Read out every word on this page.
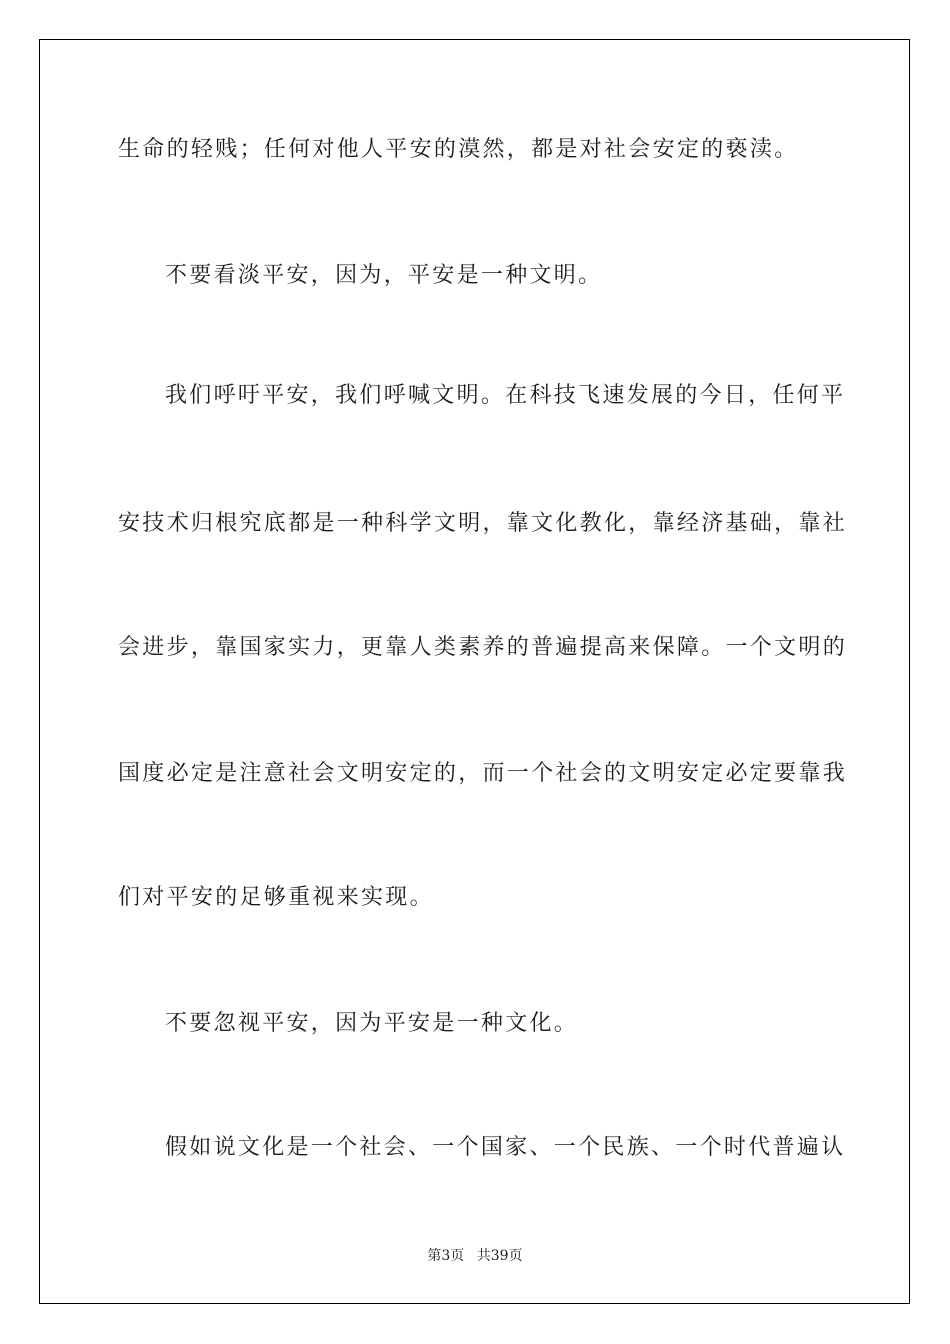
生命的轻贱；任何对他人平安的漠然，都是对社会安定的亵渎。
不要看淡平安，因为，平安是一种文明。
我们呼吁平安，我们呼喊文明。在科技飞速发展的今日，任何平
安技术归根究底都是一种科学文明，靠文化教化，靠经济基础，靠社
会进步，靠国家实力，更靠人类素养的普遍提高来保障。一个文明的
国度必定是注意社会文明安定的，而一个社会的文明安定必定要靠我
们对平安的足够重视来实现。
不要忽视平安，因为平安是一种文化。
假如说文化是一个社会、一个国家、一个民族、一个时代普遍认
第3页 共39页
